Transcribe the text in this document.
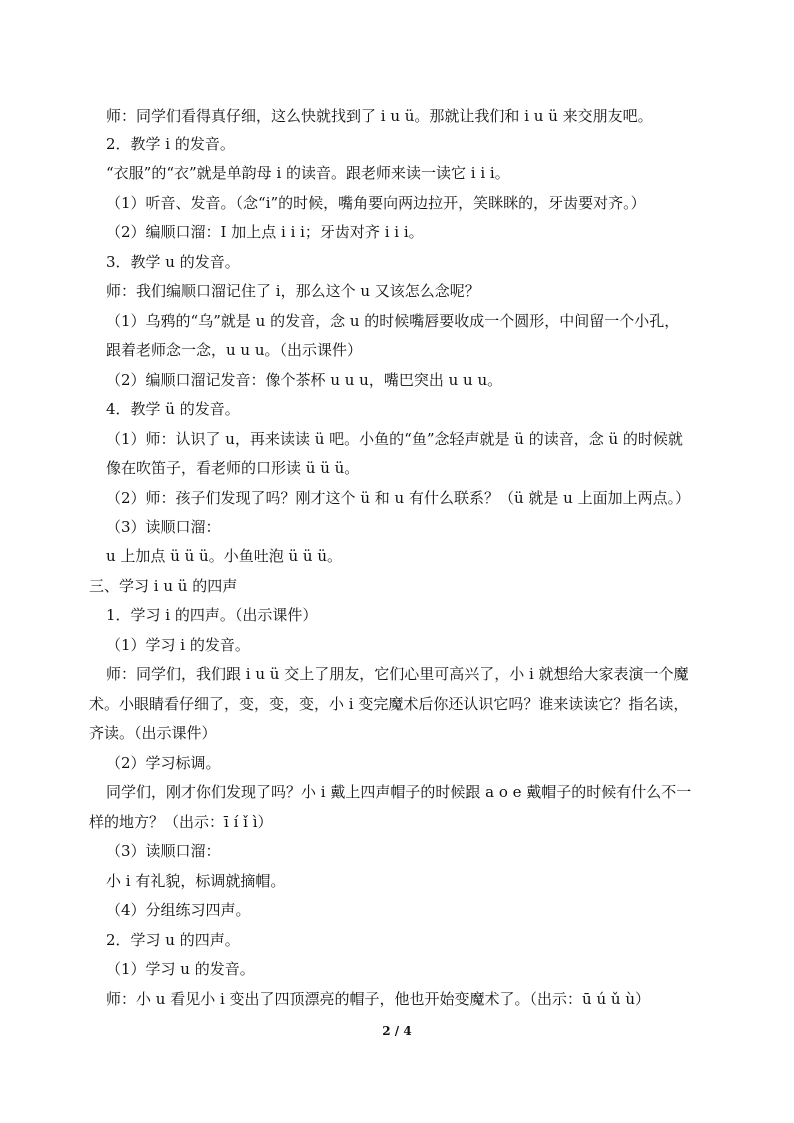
师：同学们看得真仔细，这么快就找到了 i u ü。那就让我们和 i u ü 来交朋友吧。
2．教学 i 的发音。
“衣服”的“衣”就是单韵母 i 的读音。跟老师来读一读它 i i i。
（1）听音、发音。（念“i”的时候，嘴角要向两边拉开，笑眯眯的，牙齿要对齐。）
（2）编顺口溜：I 加上点 i i i；牙齿对齐 i i i。
3．教学 u 的发音。
师：我们编顺口溜记住了 i，那么这个 u 又该怎么念呢？
（1）乌鸦的“乌”就是 u 的发音，念 u 的时候嘴唇要收成一个圆形，中间留一个小孔，
跟着老师念一念，u u u。（出示课件）
（2）编顺口溜记发音：像个茶杯 u u u，嘴巴突出 u u u。
4．教学 ü 的发音。
（1）师：认识了 u，再来读读 ü 吧。小鱼的“鱼”念轻声就是 ü 的读音，念 ü 的时候就
像在吹笛子，看老师的口形读 ü ü ü。
（2）师：孩子们发现了吗？刚才这个 ü 和 u 有什么联系？（ü 就是 u 上面加上两点。）
（3）读顺口溜：
u 上加点 ü ü ü。小鱼吐泡 ü ü ü。
三、学习 i u ü 的四声
1．学习 i 的四声。（出示课件）
（1）学习 i 的发音。
师：同学们，我们跟 i u ü 交上了朋友，它们心里可高兴了，小 i 就想给大家表演一个魔
术。小眼睛看仔细了，变，变，变，小 i 变完魔术后你还认识它吗？谁来读读它？指名读，
齐读。（出示课件）
（2）学习标调。
同学们，刚才你们发现了吗？小 i 戴上四声帽子的时候跟 a o e 戴帽子的时候有什么不一
样的地方？（出示：ī í ǐ ì）
（3）读顺口溜：
小 i 有礼貌，标调就摘帽。
（4）分组练习四声。
2．学习 u 的四声。
（1）学习 u 的发音。
师：小 u 看见小 i 变出了四顶漂亮的帽子，他也开始变魔术了。（出示：ū ú ǔ ù）
2 / 4
